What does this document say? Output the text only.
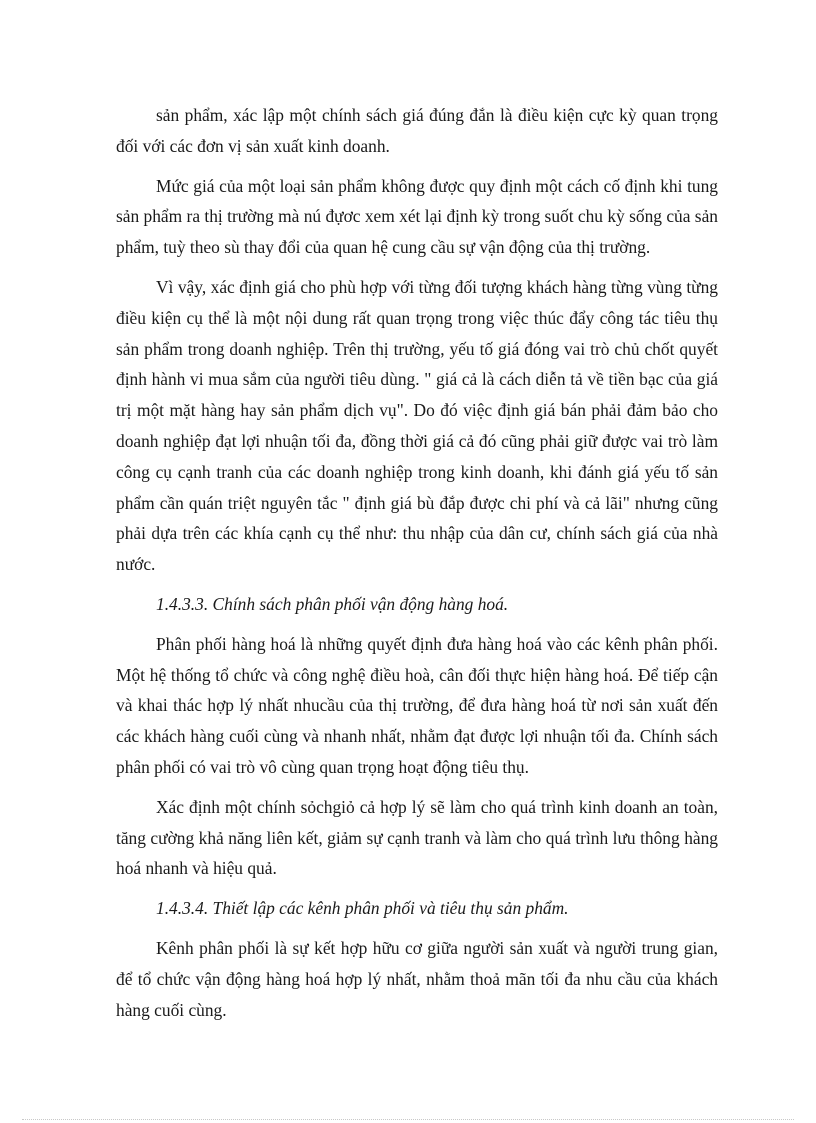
sản phẩm, xác lập một chính sách giá đúng đắn là điều kiện cực kỳ quan trọng đối với các đơn vị sản xuất kinh doanh.

Mức giá của một loại sản phẩm không được quy định một cách cố định khi tung sản phẩm ra thị trường mà nú đựơc xem xét lại định kỳ trong suốt chu kỳ sống của sản phẩm, tuỳ theo sù thay đổi của quan hệ cung cầu sự vận động của thị trường.

Vì vậy, xác định giá cho phù hợp với từng đối tượng khách hàng từng vùng từng điều kiện cụ thể là một nội dung rất quan trọng trong việc thúc đẩy công tác tiêu thụ sản phẩm trong doanh nghiệp. Trên thị trường, yếu tố giá đóng vai trò chủ chốt quyết định hành vi mua sắm của người tiêu dùng. " giá cả là cách diễn tả về tiền bạc của giá trị một mặt hàng hay sản phẩm dịch vụ". Do đó việc định giá bán phải đảm bảo cho doanh nghiệp đạt lợi nhuận tối đa, đồng thời giá cả đó cũng phải giữ được vai trò làm công cụ cạnh tranh của các doanh nghiệp trong kinh doanh, khi đánh giá yếu tố sản phẩm cần quán triệt nguyên tắc " định giá bù đắp được chi phí và cả lãi" nhưng cũng phải dựa trên các khía cạnh cụ thể như: thu nhập của dân cư, chính sách giá của nhà nước.

1.4.3.3. Chính sách phân phối vận động hàng hoá.

Phân phối hàng hoá là những quyết định đưa hàng hoá vào các kênh phân phối. Một hệ thống tổ chức và công nghệ điều hoà, cân đối thực hiện hàng hoá. Để tiếp cận và khai thác hợp lý nhất nhucầu của thị trường, để đưa hàng hoá từ nơi sản xuất đến các khách hàng cuối cùng và nhanh nhất, nhằm đạt được lợi nhuận tối đa. Chính sách phân phối có vai trò vô cùng quan trọng hoạt động tiêu thụ.

Xác định một chính sỏchgiỏ cả hợp lý sẽ làm cho quá trình kinh doanh an toàn, tăng cường khả năng liên kết, giảm sự cạnh tranh và làm cho quá trình lưu thông hàng hoá nhanh và hiệu quả.

1.4.3.4. Thiết lập các kênh phân phối và tiêu thụ sản phẩm.

Kênh phân phối là sự kết hợp hữu cơ giữa người sản xuất và người trung gian, để tổ chức vận động hàng hoá hợp lý nhất, nhằm thoả mãn tối đa nhu cầu của khách hàng cuối cùng.
